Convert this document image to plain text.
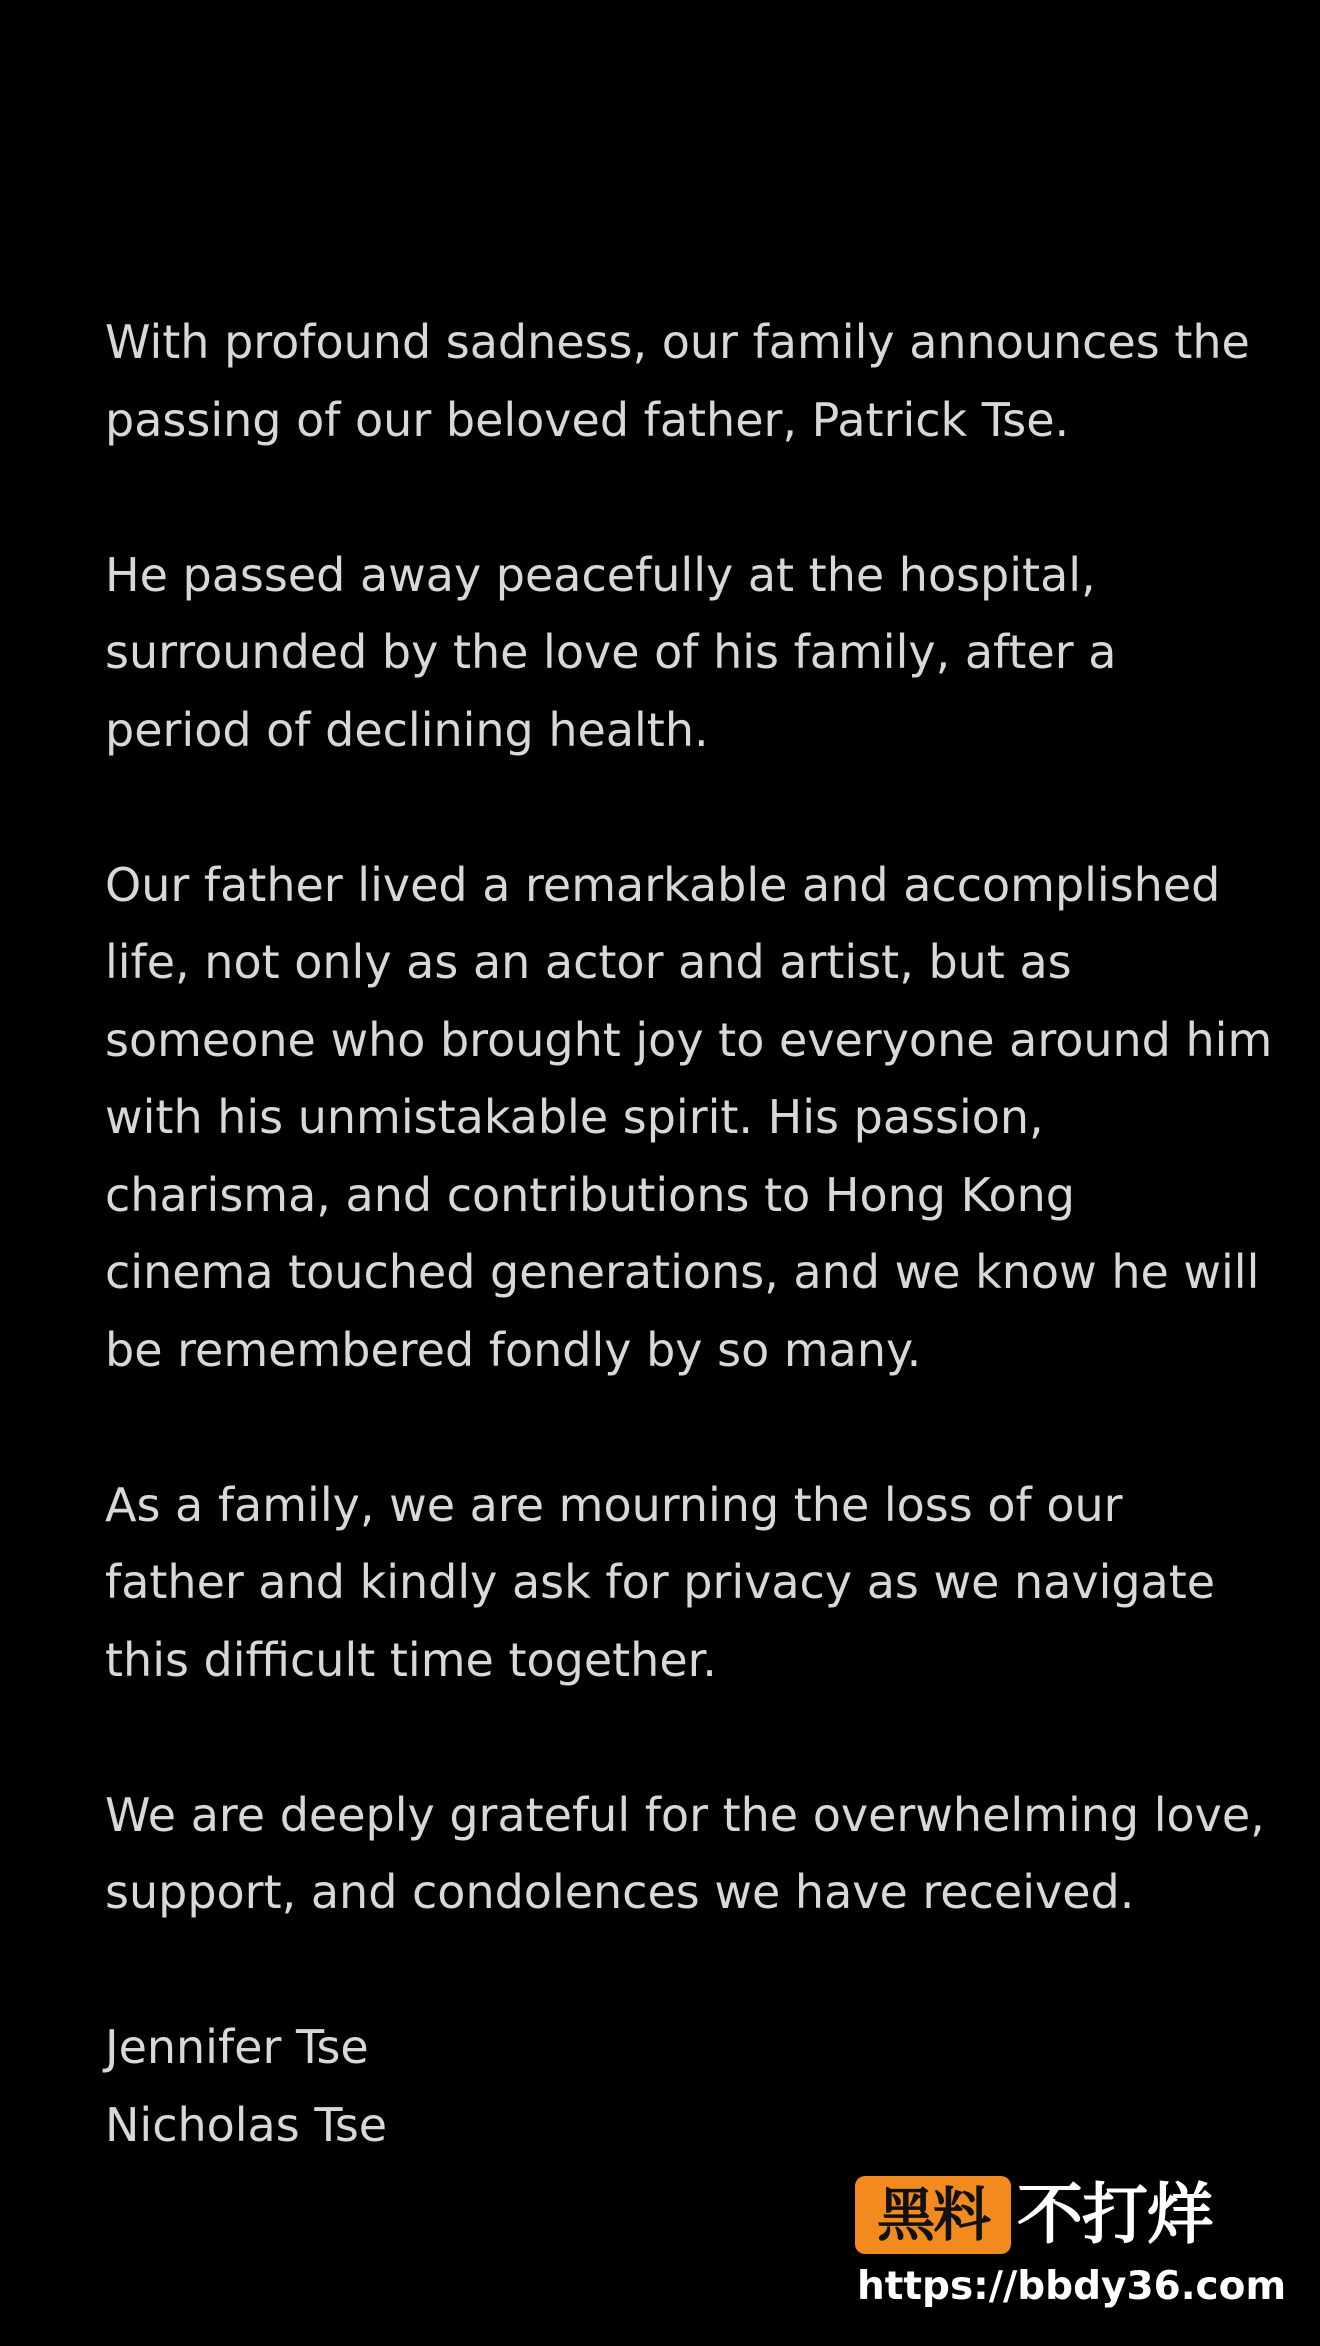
With profound sadness, our family announces the
passing of our beloved father, Patrick Tse.

He passed away peacefully at the hospital,
surrounded by the love of his family, after a
period of declining health.

Our father lived a remarkable and accomplished
life, not only as an actor and artist, but as
someone who brought joy to everyone around him
with his unmistakable spirit. His passion,
charisma, and contributions to Hong Kong
cinema touched generations, and we know he will
be remembered fondly by so many.

As a family, we are mourning the loss of our
father and kindly ask for privacy as we navigate
this difficult time together.

We are deeply grateful for the overwhelming love,
support, and condolences we have received.

Jennifer Tse
Nicholas Tse

黑料 不打烊
https://bbdy36.com
